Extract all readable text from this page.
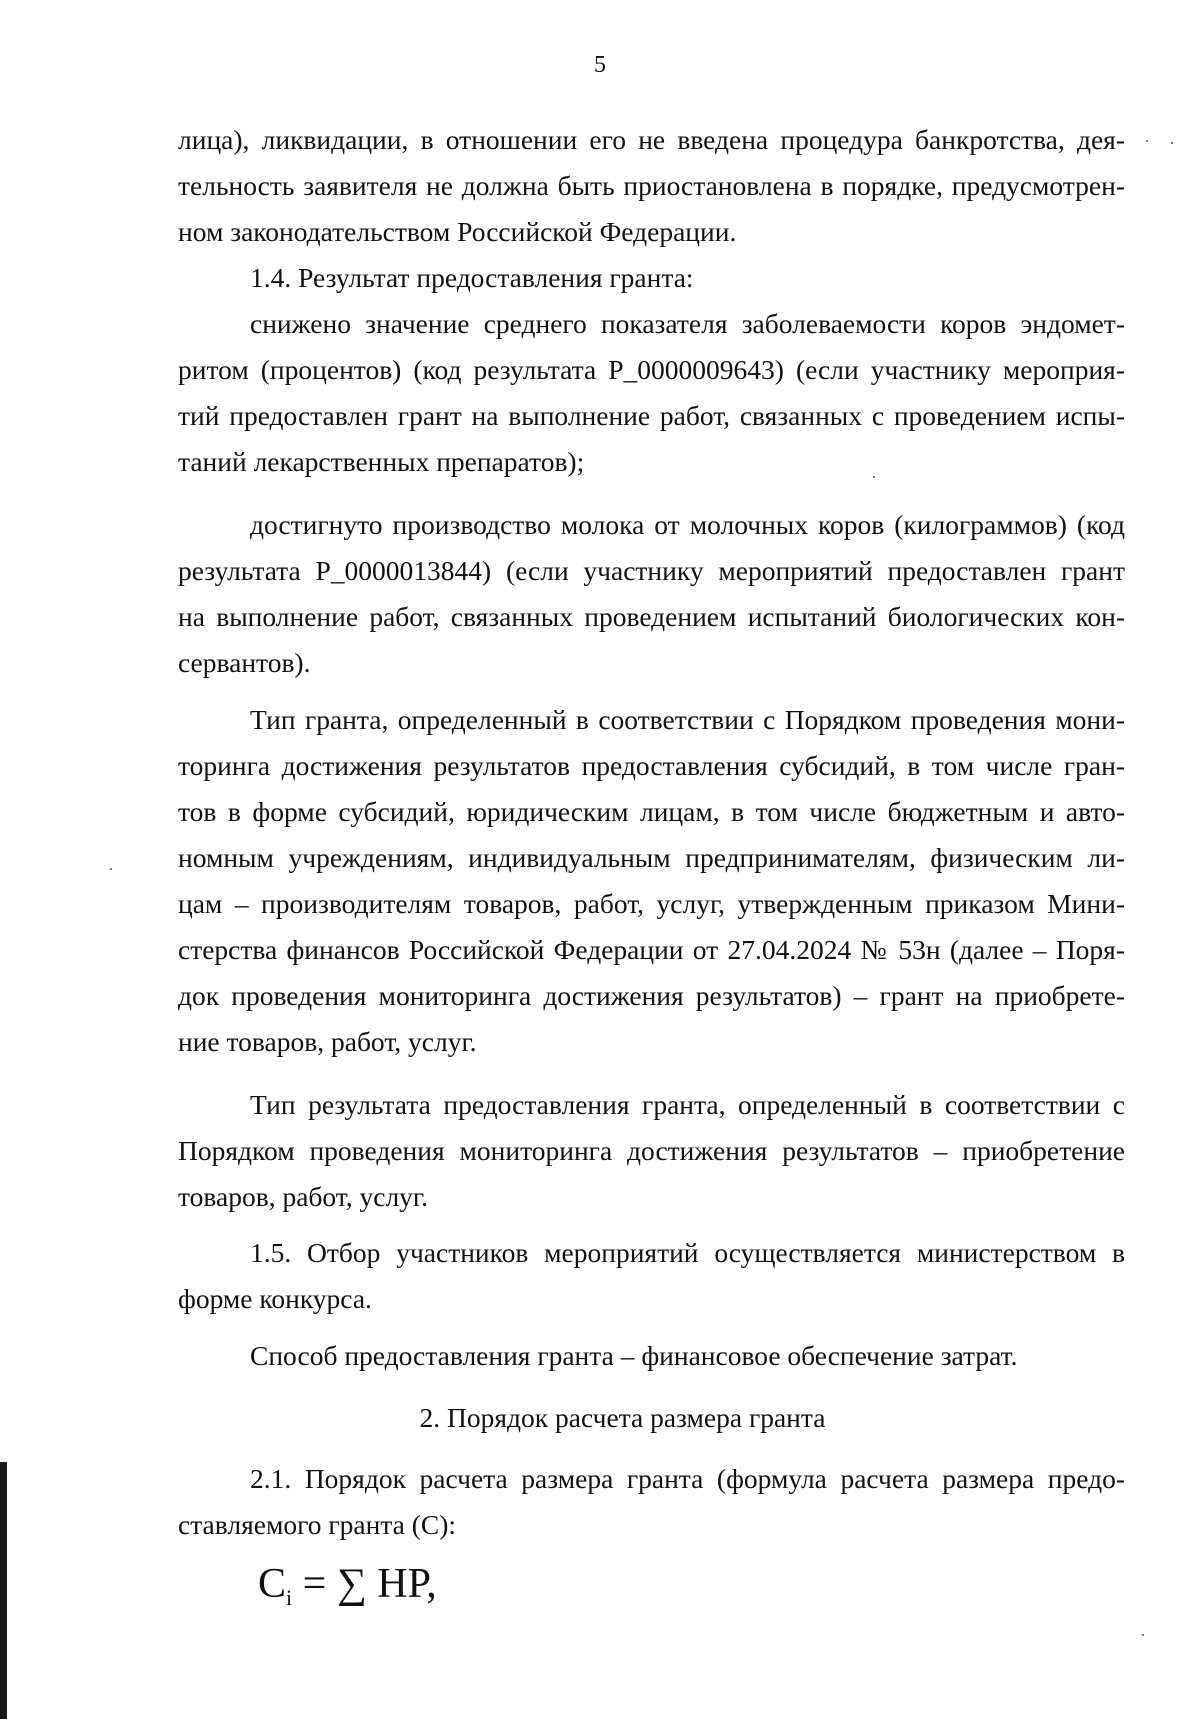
5
лица), ликвидации, в отношении его не введена процедура банкротства, дея-
тельность заявителя не должна быть приостановлена в порядке, предусмотрен-
ном законодательством Российской Федерации.
1.4. Результат предоставления гранта:
снижено значение среднего показателя заболеваемости коров эндомет-
ритом (процентов) (код результата Р_0000009643) (если участнику мероприя-
тий предоставлен грант на выполнение работ, связанных с проведением испы-
таний лекарственных препаратов);
достигнуто производство молока от молочных коров (килограммов) (код
результата Р_0000013844) (если участнику мероприятий предоставлен грант
на выполнение работ, связанных проведением испытаний биологических кон-
сервантов).
Тип гранта, определенный в соответствии с Порядком проведения мони-
торинга достижения результатов предоставления субсидий, в том числе гран-
тов в форме субсидий, юридическим лицам, в том числе бюджетным и авто-
номным учреждениям, индивидуальным предпринимателям, физическим ли-
цам – производителям товаров, работ, услуг, утвержденным приказом Мини-
стерства финансов Российской Федерации от 27.04.2024 № 53н (далее – Поря-
док проведения мониторинга достижения результатов) – грант на приобрете-
ние товаров, работ, услуг.
Тип результата предоставления гранта, определенный в соответствии с
Порядком проведения мониторинга достижения результатов – приобретение
товаров, работ, услуг.
1.5. Отбор участников мероприятий осуществляется министерством в
форме конкурса.
Способ предоставления гранта – финансовое обеспечение затрат.
2. Порядок расчета размера гранта
2.1. Порядок расчета размера гранта (формула расчета размера предо-
ставляемого гранта (С):
$С_i$ = ∑ HP,
